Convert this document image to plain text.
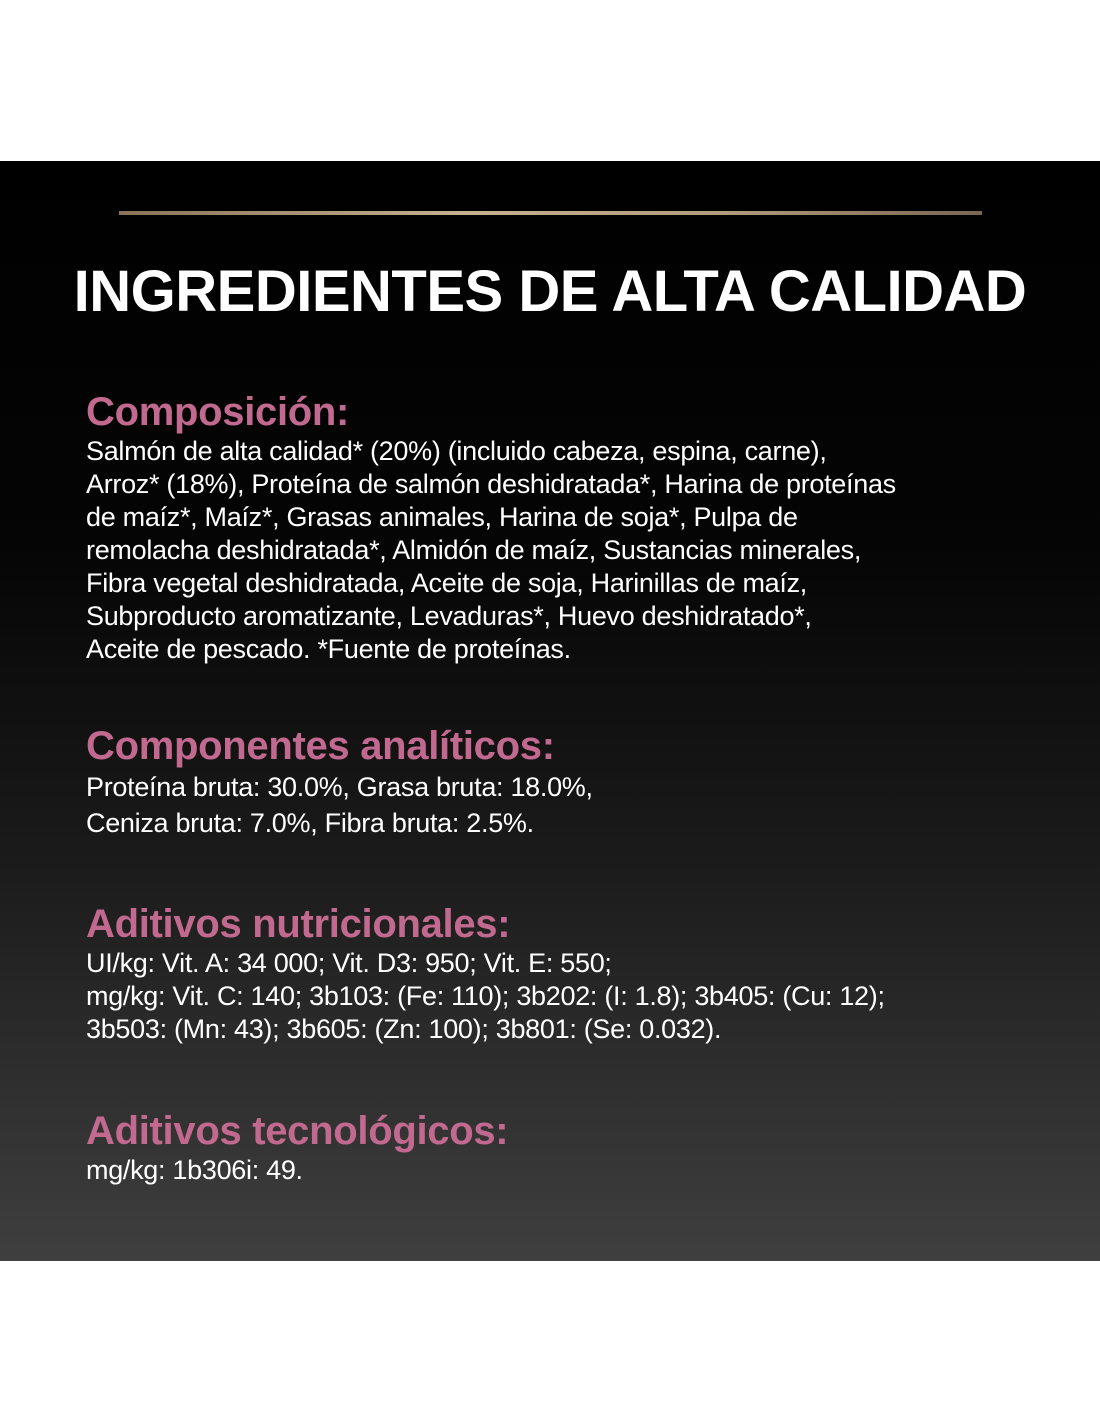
INGREDIENTES DE ALTA CALIDAD
Composición:

Salmón de alta calidad* (20%) (incluido cabeza, espina, carne),
Arroz* (18%), Proteína de salmón deshidratada*, Harina de proteínas
de maíz*, Maíz*, Grasas animales, Harina de soja*, Pulpa de
remolacha deshidratada*, Almidón de maíz, Sustancias minerales,
Fibra vegetal deshidratada, Aceite de soja, Harinillas de maíz,
Subproducto aromatizante, Levaduras*, Huevo deshidratado*,
Aceite de pescado. *Fuente de proteínas.

Componentes analíticos:

Proteína bruta: 30.0%, Grasa bruta: 18.0%,
Ceniza bruta: 7.0%, Fibra bruta: 2.5%.

Aditivos nutricionales:

UI/kg: Vit. A: 34 000; Vit. D3: 950; Vit. E: 550;
mg/kg: Vit. C: 140; 3b103: (Fe: 110); 3b202: (I: 1.8); 3b405: (Cu: 12);
3b503: (Mn: 43); 3b605: (Zn: 100); 3b801: (Se: 0.032).

Aditivos tecnológicos:

mg/kg: 1b306i: 49.
